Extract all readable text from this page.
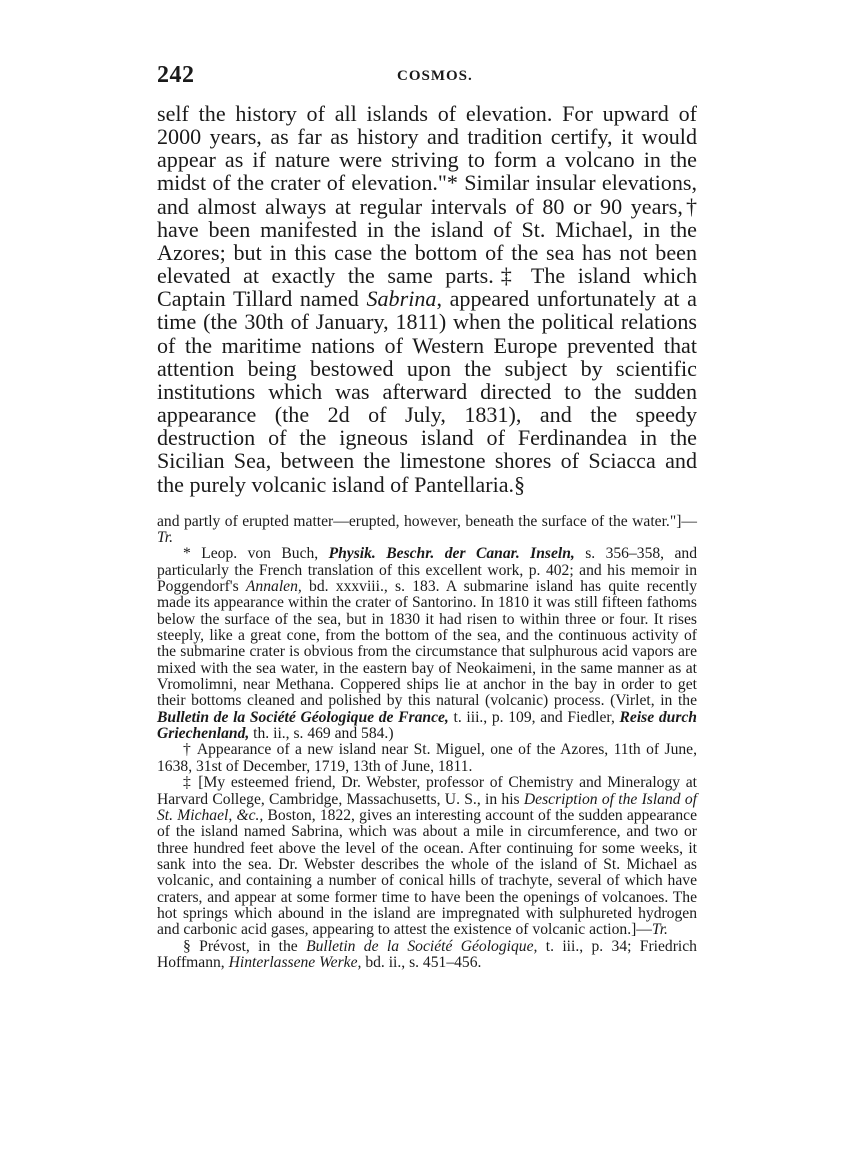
242	COSMOS.

self the history of all islands of elevation. For upward of 2000 years, as far as history and tradition certify, it would appear as if nature were striving to form a volcano in the midst of the crater of elevation."* Similar insular elevations, and almost always at regular intervals of 80 or 90 years,† have been manifested in the island of St. Michael, in the Azores; but in this case the bottom of the sea has not been elevated at exactly the same parts.‡ The island which Captain Tillard named Sabrina, appeared unfortunately at a time (the 30th of January, 1811) when the political relations of the maritime nations of Western Europe prevented that attention being bestowed upon the subject by scientific institutions which was afterward directed to the sudden appearance (the 2d of July, 1831), and the speedy destruction of the igneous island of Ferdinandea in the Sicilian Sea, between the limestone shores of Sciacca and the purely volcanic island of Pantellaria.§

and partly of erupted matter—erupted, however, beneath the surface of the water."]—Tr.

* Leop. von Buch, Physik. Beschr. der Canar. Inseln, s. 356–358, and particularly the French translation of this excellent work, p. 402; and his memoir in Poggendorf's Annalen, bd. xxxviii., s. 183. A submarine island has quite recently made its appearance within the crater of Santorino. In 1810 it was still fifteen fathoms below the surface of the sea, but in 1830 it had risen to within three or four. It rises steeply, like a great cone, from the bottom of the sea, and the continuous activity of the submarine crater is obvious from the circumstance that sulphurous acid vapors are mixed with the sea water, in the eastern bay of Neokaimeni, in the same manner as at Vromolimni, near Methana. Coppered ships lie at anchor in the bay in order to get their bottoms cleaned and polished by this natural (volcanic) process. (Virlet, in the Bulletin de la Société Géologique de France, t. iii., p. 109, and Fiedler, Reise durch Griechenland, th. ii., s. 469 and 584.)

† Appearance of a new island near St. Miguel, one of the Azores, 11th of June, 1638, 31st of December, 1719, 13th of June, 1811.

‡ [My esteemed friend, Dr. Webster, professor of Chemistry and Mineralogy at Harvard College, Cambridge, Massachusetts, U. S., in his Description of the Island of St. Michael, &c., Boston, 1822, gives an interesting account of the sudden appearance of the island named Sabrina, which was about a mile in circumference, and two or three hundred feet above the level of the ocean. After continuing for some weeks, it sank into the sea. Dr. Webster describes the whole of the island of St. Michael as volcanic, and containing a number of conical hills of trachyte, several of which have craters, and appear at some former time to have been the openings of volcanoes. The hot springs which abound in the island are impregnated with sulphureted hydrogen and carbonic acid gases, appearing to attest the existence of volcanic action.]—Tr.

§ Prévost, in the Bulletin de la Société Géologique, t. iii., p. 34; Friedrich Hoffmann, Hinterlassene Werke, bd. ii., s. 451–456.
